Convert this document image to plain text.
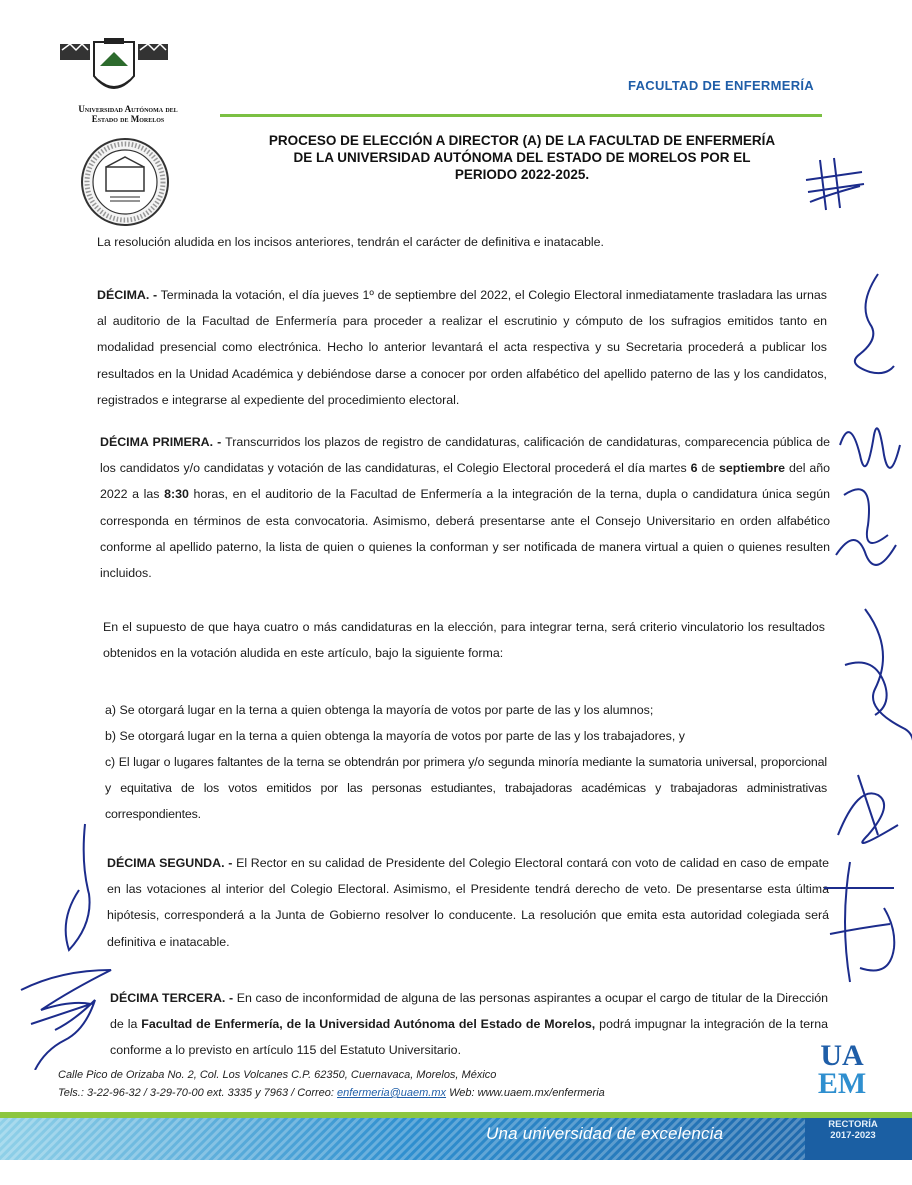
Universidad Autónoma del
Estado de Morelos
FACULTAD DE ENFERMERÍA
PROCESO DE ELECCIÓN A DIRECTOR (A) DE LA FACULTAD DE ENFERMERÍA
DE LA UNIVERSIDAD AUTÓNOMA DEL ESTADO DE MORELOS POR EL
PERIODO 2022-2025.
La resolución aludida en los incisos anteriores, tendrán el carácter de definitiva e inatacable.
DÉCIMA. - Terminada la votación, el día jueves 1º de septiembre del 2022, el Colegio Electoral inmediatamente trasladara las urnas al auditorio de la Facultad de Enfermería para proceder a realizar el escrutinio y cómputo de los sufragios emitidos tanto en modalidad presencial como electrónica. Hecho lo anterior levantará el acta respectiva y su Secretaria procederá a publicar los resultados en la Unidad Académica y debiéndose darse a conocer por orden alfabético del apellido paterno de las y los candidatos, registrados e integrarse al expediente del procedimiento electoral.
DÉCIMA PRIMERA. - Transcurridos los plazos de registro de candidaturas, calificación de candidaturas, comparecencia pública de los candidatos y/o candidatas y votación de las candidaturas, el Colegio Electoral procederá el día martes 6 de septiembre del año 2022 a las 8:30 horas, en el auditorio de la Facultad de Enfermería a la integración de la terna, dupla o candidatura única según corresponda en términos de esta convocatoria. Asimismo, deberá presentarse ante el Consejo Universitario en orden alfabético conforme al apellido paterno, la lista de quien o quienes la conforman y ser notificada de manera virtual a quien o quienes resulten incluidos.
En el supuesto de que haya cuatro o más candidaturas en la elección, para integrar terna, será criterio vinculatorio los resultados obtenidos en la votación aludida en este artículo, bajo la siguiente forma:
a) Se otorgará lugar en la terna a quien obtenga la mayoría de votos por parte de las y los alumnos;
b) Se otorgará lugar en la terna a quien obtenga la mayoría de votos por parte de las y los trabajadores, y
c) El lugar o lugares faltantes de la terna se obtendrán por primera y/o segunda minoría mediante la sumatoria universal, proporcional y equitativa de los votos emitidos por las personas estudiantes, trabajadoras académicas y trabajadoras administrativas correspondientes.
DÉCIMA SEGUNDA. - El Rector en su calidad de Presidente del Colegio Electoral contará con voto de calidad en caso de empate en las votaciones al interior del Colegio Electoral. Asimismo, el Presidente tendrá derecho de veto. De presentarse esta última hipótesis, corresponderá a la Junta de Gobierno resolver lo conducente. La resolución que emita esta autoridad colegiada será definitiva e inatacable.
DÉCIMA TERCERA. - En caso de inconformidad de alguna de las personas aspirantes a ocupar el cargo de titular de la Dirección de la Facultad de Enfermería, de la Universidad Autónoma del Estado de Morelos, podrá impugnar la integración de la terna conforme a lo previsto en artículo 115 del Estatuto Universitario.
Calle Pico de Orizaba No. 2, Col. Los Volcanes C.P. 62350, Cuernavaca, Morelos, México
Tels.: 3-22-96-32 / 3-29-70-00 ext. 3335 y 7963 / Correo: enfermeria@uaem.mx Web: www.uaem.mx/enfermeria
UA
EM
Una universidad de excelencia	RECTORÍA
2017-2023
